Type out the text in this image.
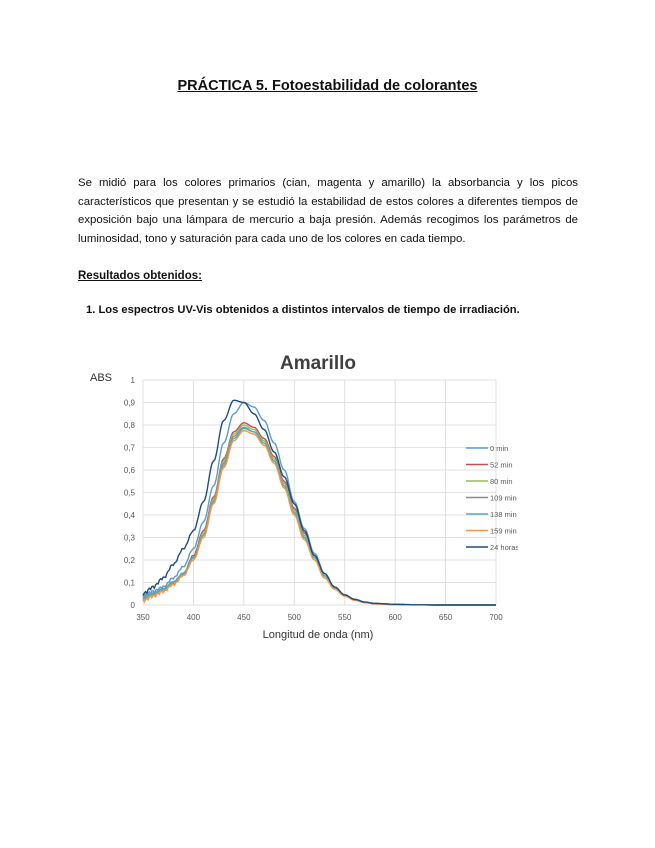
PRÁCTICA 5. Fotoestabilidad de colorantes

Se midió para los colores primarios (cian, magenta y amarillo) la absorbancia y los picos característicos que presentan y se estudió la estabilidad de estos colores a diferentes tiempos de exposición bajo una lámpara de mercurio a baja presión. Además recogimos los parámetros de luminosidad, tono y saturación para cada uno de los colores en cada tiempo.

Resultados obtenidos:

1. Los espectros UV-Vis obtenidos a distintos intervalos de tiempo de irradiación.

Amarillo
ABS
Longitud de onda (nm)
0
0,1
0,2
0,3
0,4
0,5
0,6
0,7
0,8
0,9
1
350	400	450	500	550	600	650	700
0 min
52 min
80 min
109 min
138 min
159 min
24 horas
